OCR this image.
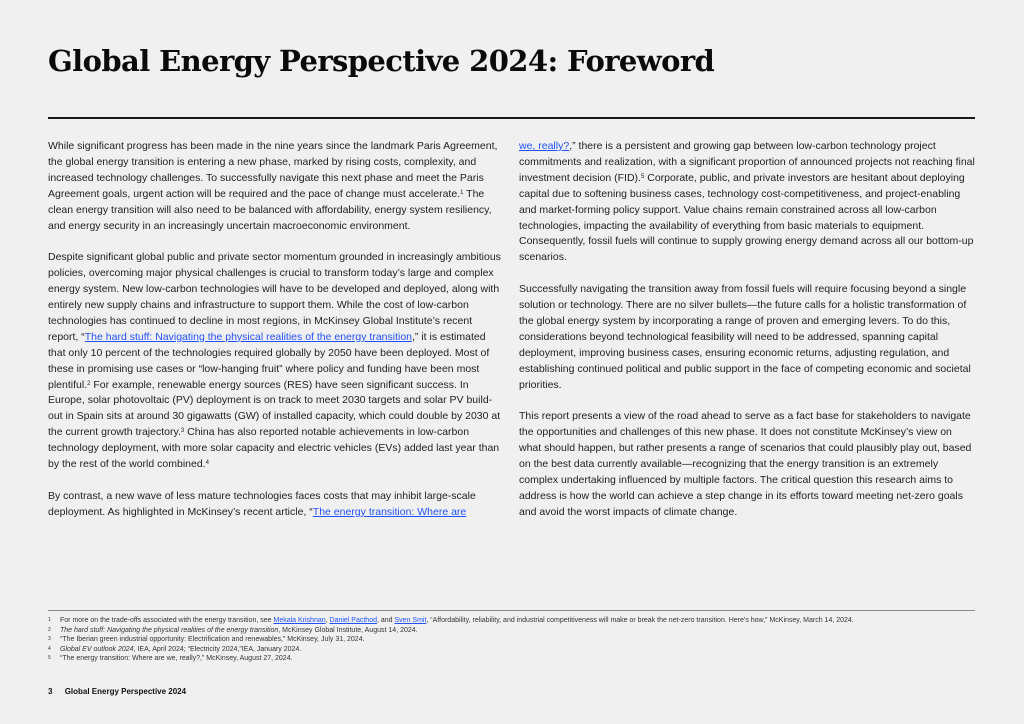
Global Energy Perspective 2024: Foreword

While significant progress has been made in the nine years since the landmark Paris Agreement, the global energy transition is entering a new phase, marked by rising costs, complexity, and increased technology challenges. To successfully navigate this next phase and meet the Paris Agreement goals, urgent action will be required and the pace of change must accelerate.$^1$ The clean energy transition will also need to be balanced with affordability, energy system resiliency, and energy security in an increasingly uncertain macroeconomic environment.

Despite significant global public and private sector momentum grounded in increasingly ambitious policies, overcoming major physical challenges is crucial to transform today’s large and complex energy system. New low-carbon technologies will have to be developed and deployed, along with entirely new supply chains and infrastructure to support them. While the cost of low-carbon technologies has continued to decline in most regions, in McKinsey Global Institute’s recent report, “The hard stuff: Navigating the physical realities of the energy transition,” it is estimated that only 10 percent of the technologies required globally by 2050 have been deployed. Most of these in promising use cases or “low-hanging fruit” where policy and funding have been most plentiful.$^2$ For example, renewable energy sources (RES) have seen significant success. In Europe, solar photovoltaic (PV) deployment is on track to meet 2030 targets and solar PV build-out in Spain sits at around 30 gigawatts (GW) of installed capacity, which could double by 2030 at the current growth trajectory.$^3$ China has also reported notable achievements in low-carbon technology deployment, with more solar capacity and electric vehicles (EVs) added last year than by the rest of the world combined.$^4$

By contrast, a new wave of less mature technologies faces costs that may inhibit large-scale deployment. As highlighted in McKinsey’s recent article, “The energy transition: Where are

we, really?,” there is a persistent and growing gap between low-carbon technology project commitments and realization, with a significant proportion of announced projects not reaching final investment decision (FID).$^5$ Corporate, public, and private investors are hesitant about deploying capital due to softening business cases, technology cost-competitiveness, and project-enabling and market-forming policy support. Value chains remain constrained across all low-carbon technologies, impacting the availability of everything from basic materials to equipment. Consequently, fossil fuels will continue to supply growing energy demand across all our bottom-up scenarios.

Successfully navigating the transition away from fossil fuels will require focusing beyond a single solution or technology. There are no silver bullets—the future calls for a holistic transformation of the global energy system by incorporating a range of proven and emerging levers. To do this, considerations beyond technological feasibility will need to be addressed, spanning capital deployment, improving business cases, ensuring economic returns, adjusting regulation, and establishing continued political and public support in the face of competing economic and societal priorities.

This report presents a view of the road ahead to serve as a fact base for stakeholders to navigate the opportunities and challenges of this new phase. It does not constitute McKinsey’s view on what should happen, but rather presents a range of scenarios that could plausibly play out, based on the best data currently available—recognizing that the energy transition is an extremely complex undertaking influenced by multiple factors. The critical question this research aims to address is how the world can achieve a step change in its efforts toward meeting net-zero goals and avoid the worst impacts of climate change.

1	For more on the trade-offs associated with the energy transition, see Mekala Krishnan, Daniel Pacthod, and Sven Smit, “Affordability, reliability, and industrial competitiveness will make or break the net-zero transition. Here’s how,” McKinsey, March 14, 2024.
2	The hard stuff: Navigating the physical realities of the energy transition, McKinsey Global Institute, August 14, 2024.
3	“The Iberian green industrial opportunity: Electrification and renewables,” McKinsey, July 31, 2024.
4	Global EV outlook 2024, IEA, April 2024; “Electricity 2024,”IEA, January 2024.
5	“The energy transition: Where are we, really?,” McKinsey, August 27, 2024.
3 Global Energy Perspective 2024
